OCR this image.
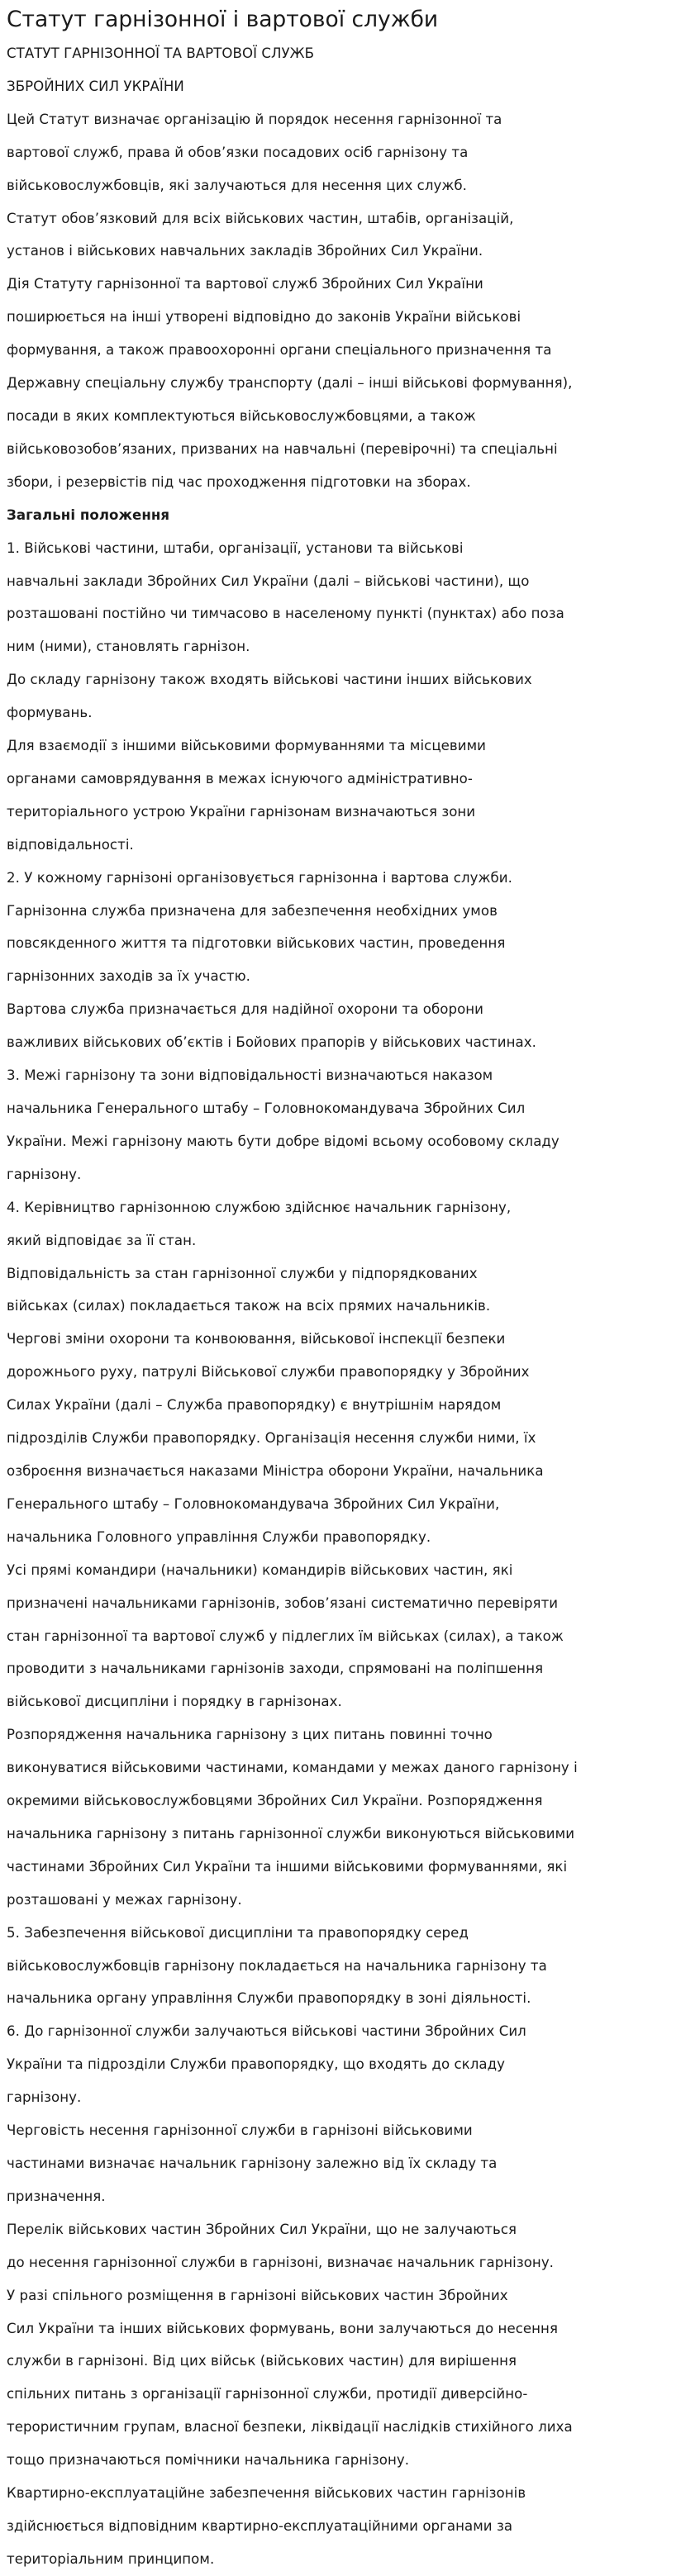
Статут гарнізонної і вартової служби
СТАТУТ ГАРНІЗОННОЇ ТА ВАРТОВОЇ СЛУЖБ
ЗБРОЙНИХ СИЛ УКРАЇНИ
Цей Статут визначає організацію й порядок несення гарнізонної та
вартової служб, права й обов’язки посадових осіб гарнізону та
військовослужбовців, які залучаються для несення цих служб.
Статут обов’язковий для всіх військових частин, штабів, організацій,
установ і військових навчальних закладів Збройних Сил України.
Дія Статуту гарнізонної та вартової служб Збройних Сил України
поширюється на інші утворені відповідно до законів України військові
формування, а також правоохоронні органи спеціального призначення та
Державну спеціальну службу транспорту (далі – інші військові формування),
посади в яких комплектуються військовослужбовцями, а також
військовозобов’язаних, призваних на навчальні (перевірочні) та спеціальні
збори, і резервістів під час проходження підготовки на зборах.
Загальні положення
1. Військові частини, штаби, організації, установи та військові
навчальні заклади Збройних Сил України (далі – військові частини), що
розташовані постійно чи тимчасово в населеному пункті (пунктах) або поза
ним (ними), становлять гарнізон.
До складу гарнізону також входять військові частини інших військових
формувань.
Для взаємодії з іншими військовими формуваннями та місцевими
органами самоврядування в межах існуючого адміністративно-
територіального устрою України гарнізонам визначаються зони
відповідальності.
2. У кожному гарнізоні організовується гарнізонна і вартова служби.
Гарнізонна служба призначена для забезпечення необхідних умов
повсякденного життя та підготовки військових частин, проведення
гарнізонних заходів за їх участю.
Вартова служба призначається для надійної охорони та оборони
важливих військових об’єктів і Бойових прапорів у військових частинах.
3. Межі гарнізону та зони відповідальності визначаються наказом
начальника Генерального штабу – Головнокомандувача Збройних Сил
України. Межі гарнізону мають бути добре відомі всьому особовому складу
гарнізону.
4. Керівництво гарнізонною службою здійснює начальник гарнізону,
який відповідає за її стан.
Відповідальність за стан гарнізонної служби у підпорядкованих
військах (силах) покладається також на всіх прямих начальників.
Чергові зміни охорони та конвоювання, військової інспекції безпеки
дорожнього руху, патрулі Військової служби правопорядку у Збройних
Силах України (далі – Служба правопорядку) є внутрішнім нарядом
підрозділів Служби правопорядку. Організація несення служби ними, їх
озброєння визначається наказами Міністра оборони України, начальника
Генерального штабу – Головнокомандувача Збройних Сил України,
начальника Головного управління Служби правопорядку.
Усі прямі командири (начальники) командирів військових частин, які
призначені начальниками гарнізонів, зобов’язані систематично перевіряти
стан гарнізонної та вартової служб у підлеглих їм військах (силах), а також
проводити з начальниками гарнізонів заходи, спрямовані на поліпшення
військової дисципліни і порядку в гарнізонах.
Розпорядження начальника гарнізону з цих питань повинні точно
виконуватися військовими частинами, командами у межах даного гарнізону і
окремими військовослужбовцями Збройних Сил України. Розпорядження
начальника гарнізону з питань гарнізонної служби виконуються військовими
частинами Збройних Сил України та іншими військовими формуваннями, які
розташовані у межах гарнізону.
5. Забезпечення військової дисципліни та правопорядку серед
військовослужбовців гарнізону покладається на начальника гарнізону та
начальника органу управління Служби правопорядку в зоні діяльності.
6. До гарнізонної служби залучаються військові частини Збройних Сил
України та підрозділи Служби правопорядку, що входять до складу
гарнізону.
Черговість несення гарнізонної служби в гарнізоні військовими
частинами визначає начальник гарнізону залежно від їх складу та
призначення.
Перелік військових частин Збройних Сил України, що не залучаються
до несення гарнізонної служби в гарнізоні, визначає начальник гарнізону.
У разі спільного розміщення в гарнізоні військових частин Збройних
Сил України та інших військових формувань, вони залучаються до несення
служби в гарнізоні. Від цих військ (військових частин) для вирішення
спільних питань з організації гарнізонної служби, протидії диверсійно-
терористичним групам, власної безпеки, ліквідації наслідків стихійного лиха
тощо призначаються помічники начальника гарнізону.
Квартирно-експлуатаційне забезпечення військових частин гарнізонів
здійснюється відповідним квартирно-експлуатаційними органами за
територіальним принципом.
